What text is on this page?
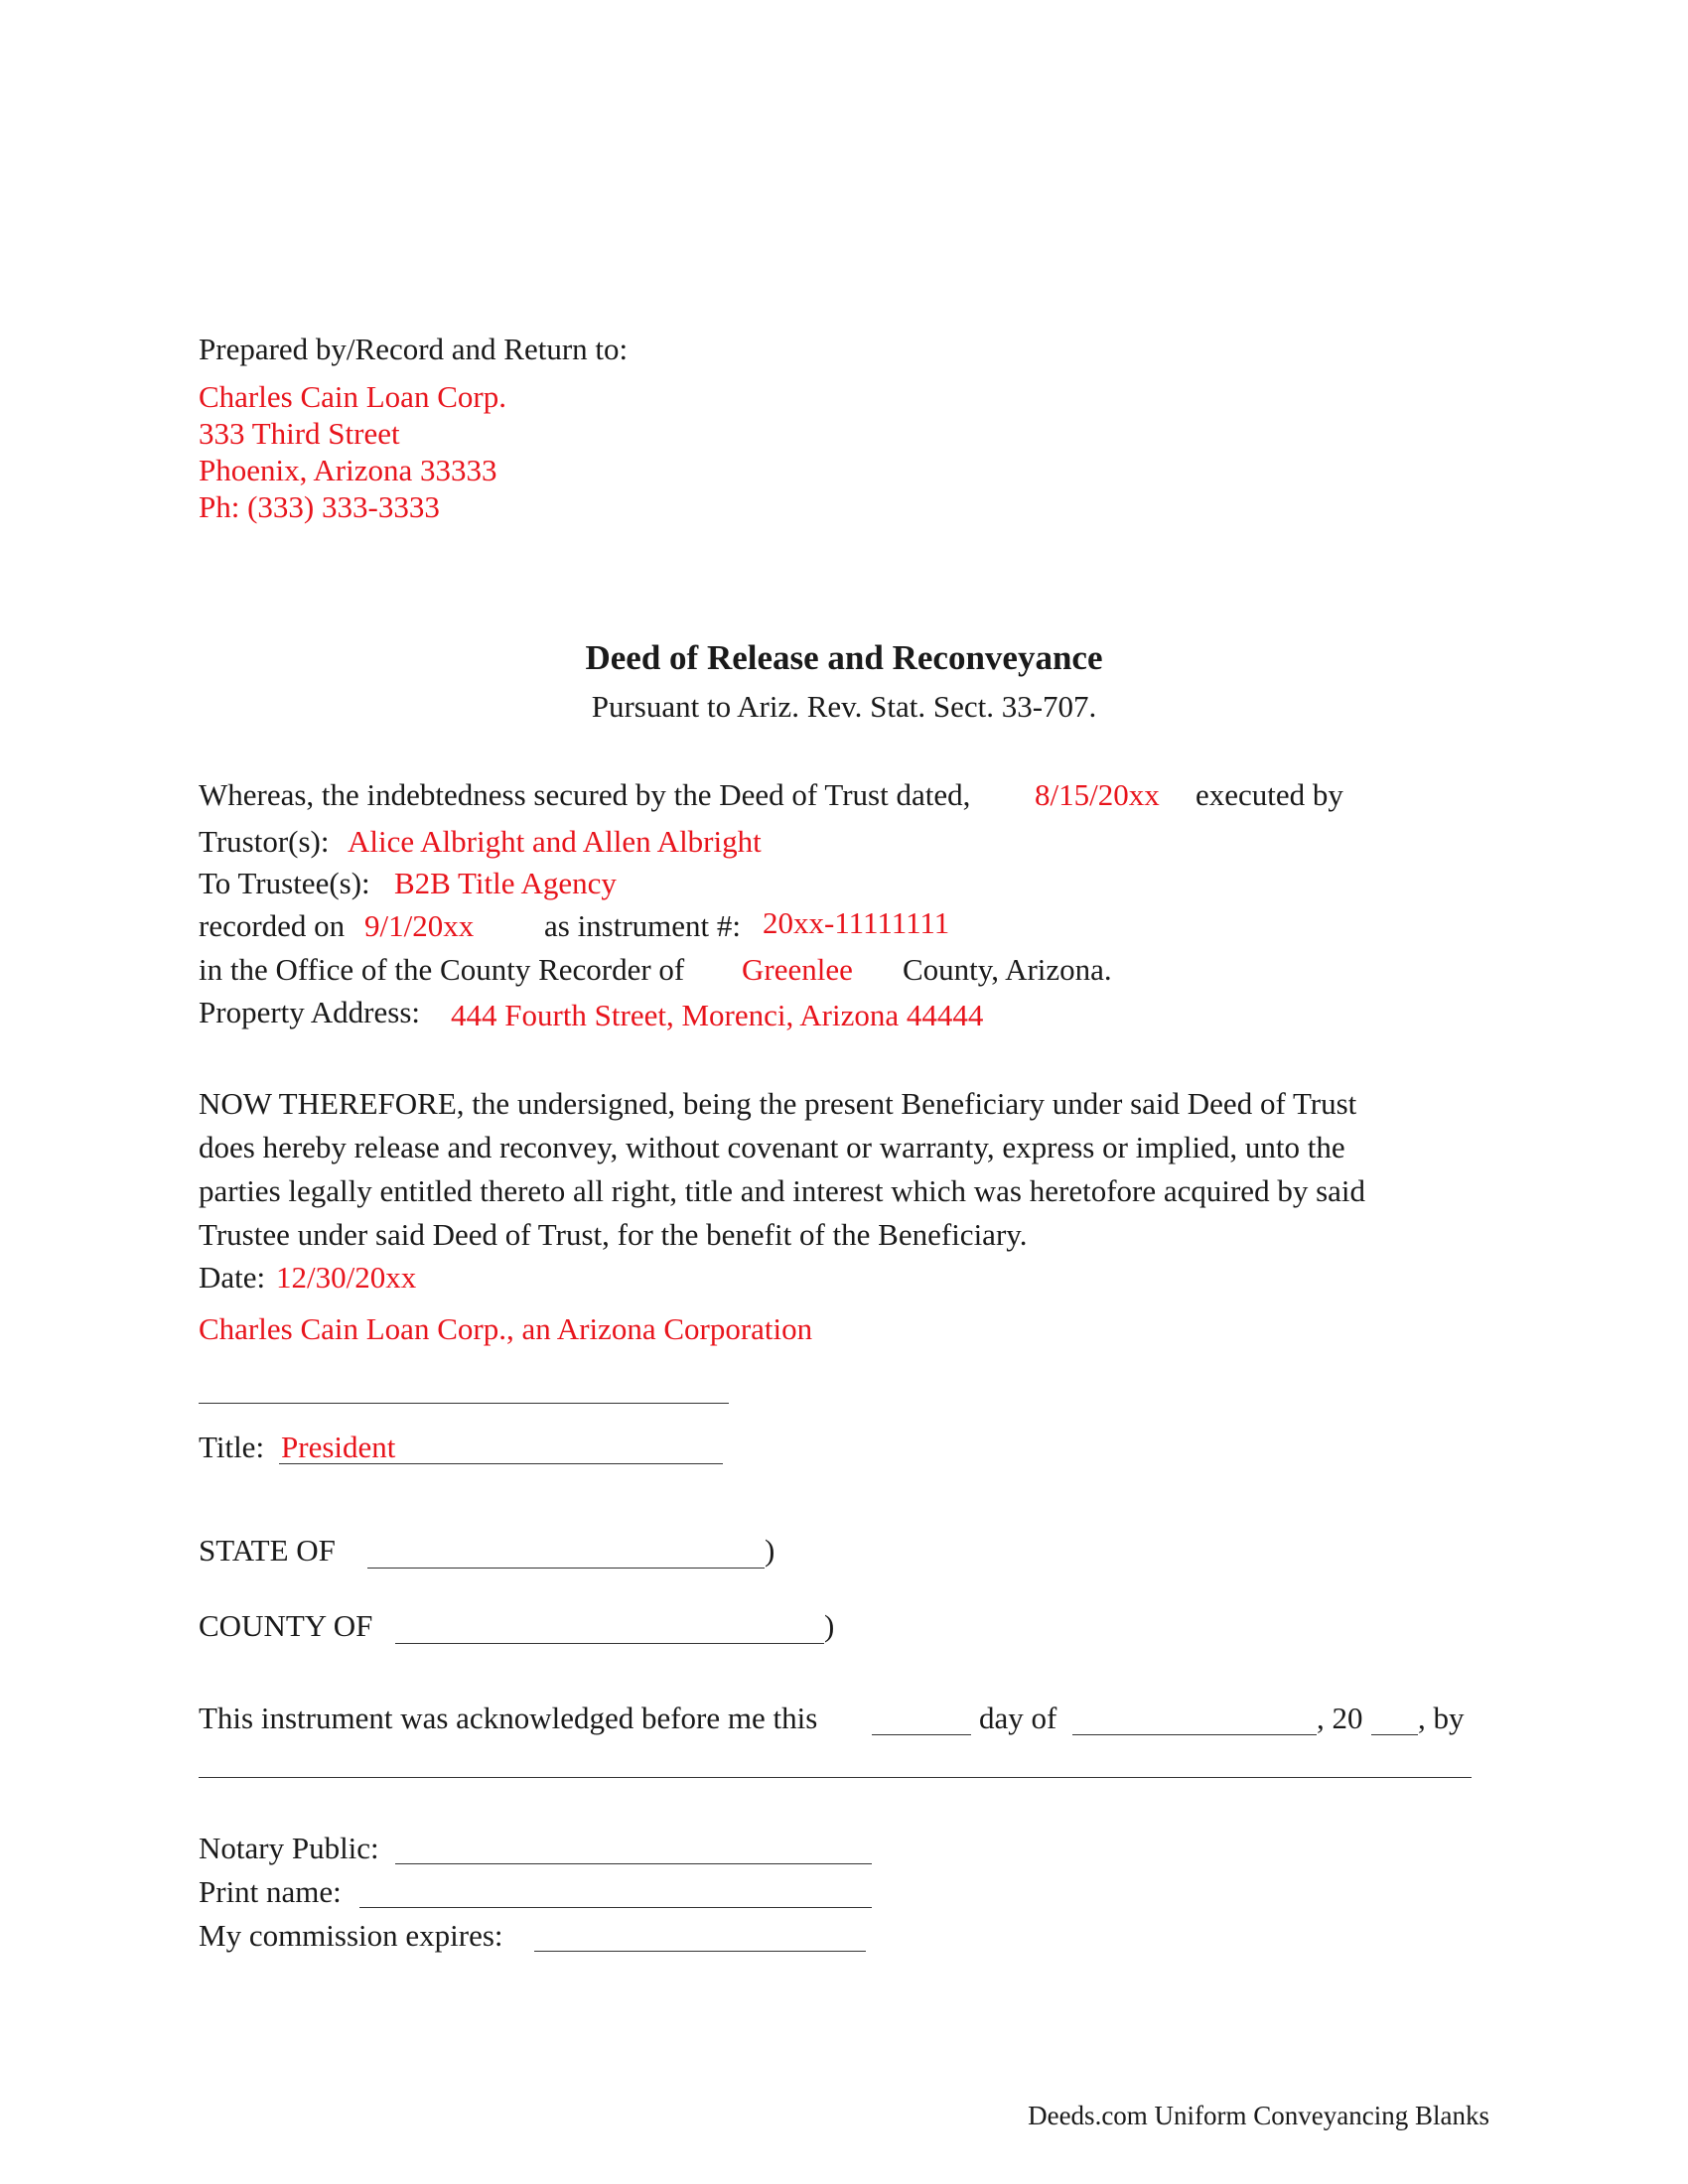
Prepared by/Record and Return to:
Charles Cain Loan Corp.
333 Third Street
Phoenix, Arizona 33333
Ph: (333) 333-3333
Deed of Release and Reconveyance
Pursuant to Ariz. Rev. Stat. Sect. 33-707.
Whereas, the indebtedness secured by the Deed of Trust dated, 8/15/20xx executed by
Trustor(s): Alice Albright and Allen Albright
To Trustee(s): B2B Title Agency
recorded on 9/1/20xx as instrument #: 20xx-11111111
in the Office of the County Recorder of Greenlee County, Arizona.
Property Address: 444 Fourth Street, Morenci, Arizona 44444
NOW THEREFORE, the undersigned, being the present Beneficiary under said Deed of Trust
does hereby release and reconvey, without covenant or warranty, express or implied, unto the
parties legally entitled thereto all right, title and interest which was heretofore acquired by said
Trustee under said Deed of Trust, for the benefit of the Beneficiary.
Date: 12/30/20xx
Charles Cain Loan Corp., an Arizona Corporation
Title: President
STATE OF	)
COUNTY OF	)
This instrument was acknowledged before me this	day of	, 20 , by
Notary Public:
Print name:
My commission expires:
Deeds.com Uniform Conveyancing Blanks
